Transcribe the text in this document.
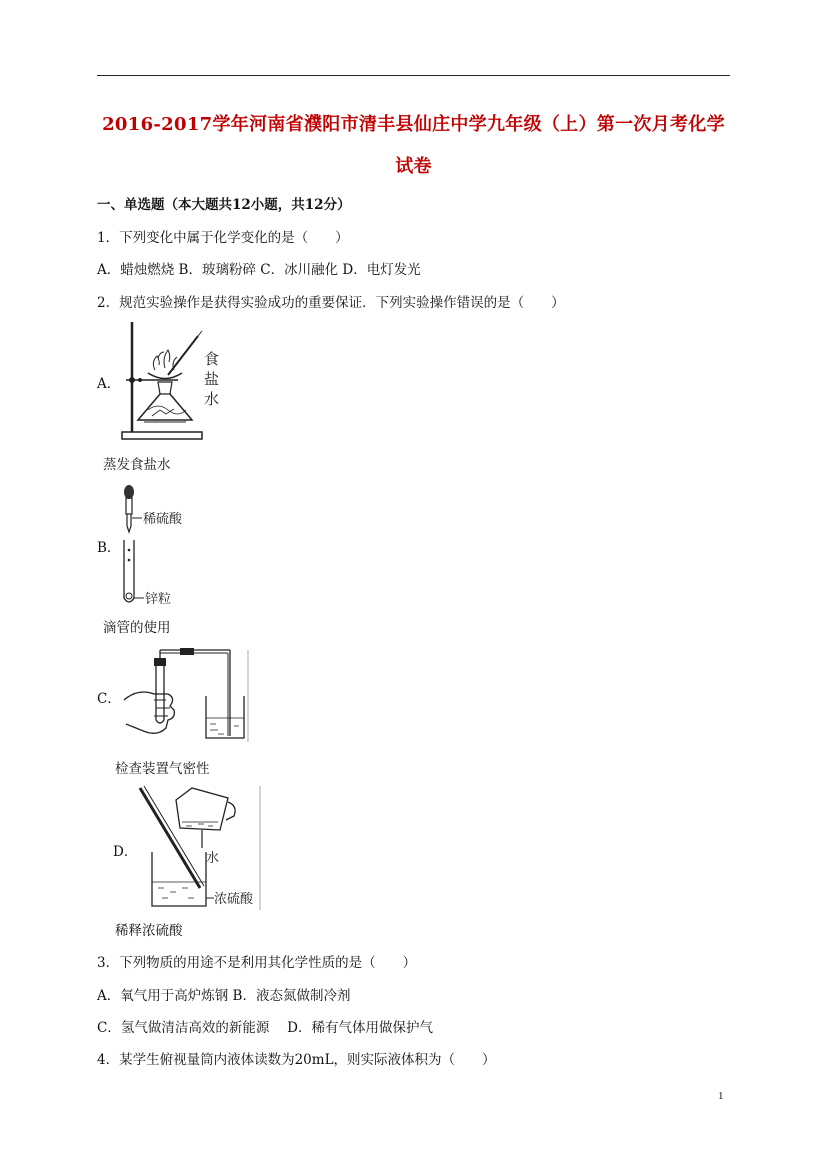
2016-2017学年河南省濮阳市清丰县仙庄中学九年级（上）第一次月考化学
试卷
一、单选题（本大题共12小题，共12分）
1．下列变化中属于化学变化的是（　　）
A．蜡烛燃烧 B．玻璃粉碎 C．冰川融化 D．电灯发光
2．规范实验操作是获得实验成功的重要保证．下列实验操作错误的是（　　）
A．
食
盐
水
蒸发食盐水
B．
稀硫酸
锌粒
滴管的使用
C．
检查装置气密性
D．	水
浓硫酸
稀释浓硫酸
3．下列物质的用途不是利用其化学性质的是（　　）
A．氧气用于高炉炼钢 B．液态氮做制冷剂
C．氢气做清洁高效的新能源　 D．稀有气体用做保护气
4．某学生俯视量筒内液体读数为20mL，则实际液体积为（　　）
1
